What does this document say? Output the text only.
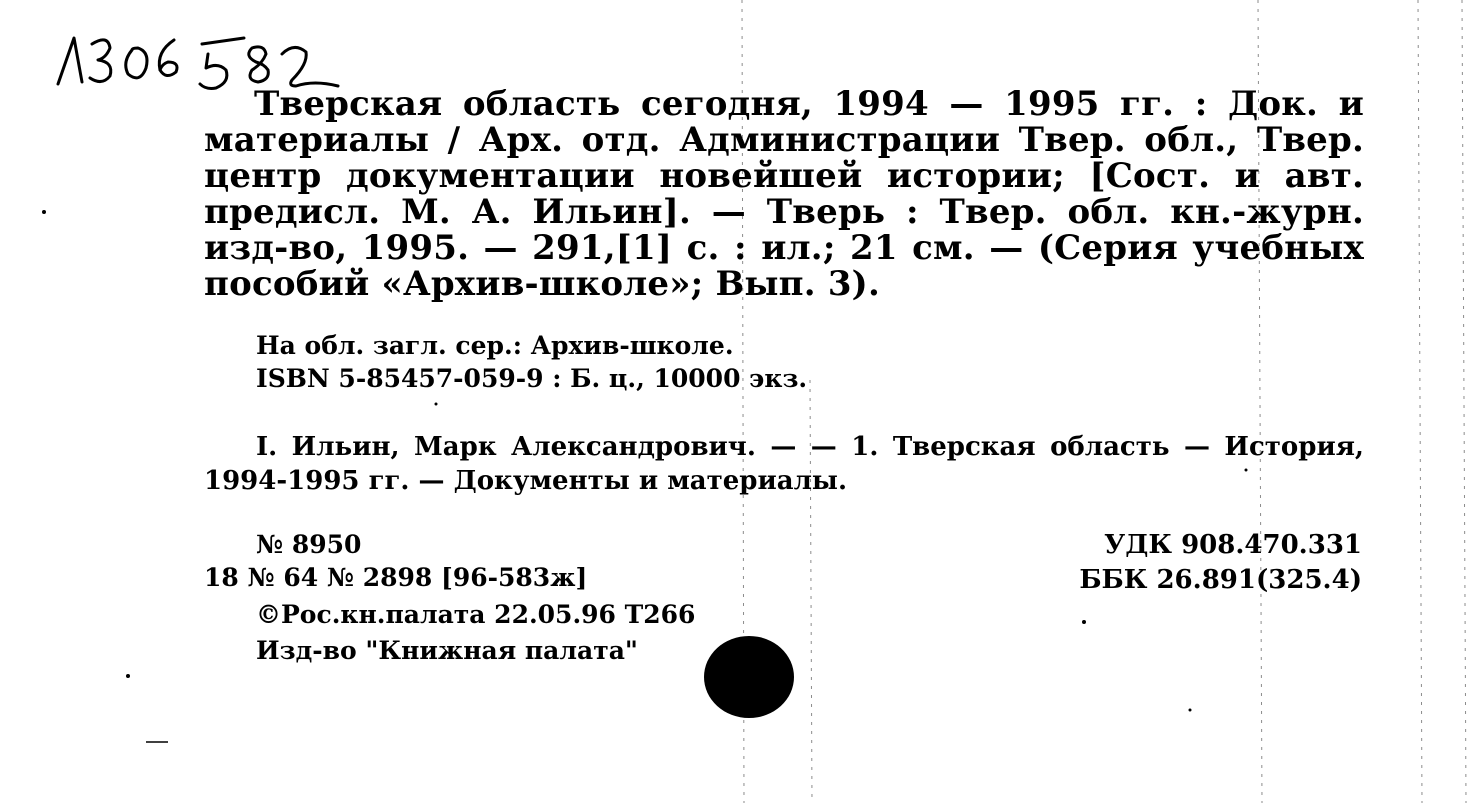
Тверская область сегодня, 1994 — 1995 гг. : Док. и материалы / Арх. отд. Администрации Твер. обл., Твер. центр документации новейшей истории; [Сост. и авт. предисл. М. А. Ильин]. — Тверь : Твер. обл. кн.-журн. изд-во, 1995. — 291,[1] с. : ил.; 21 см. — (Серия учебных пособий «Архив-школе»; Вып. 3).
На обл. загл. сер.: Архив-школе.
ISBN 5-85457-059-9 : Б. ц., 10000 экз.
I. Ильин, Марк Александрович. — — 1. Тверская область — История, 1994-1995 гг. — Документы и материалы.
№ 8950
18 № 64 № 2898 [96-583ж]
©Рос.кн.палата 22.05.96 Т266
Изд-во "Книжная палата"
УДК 908.470.331
ББК 26.891(325.4)
